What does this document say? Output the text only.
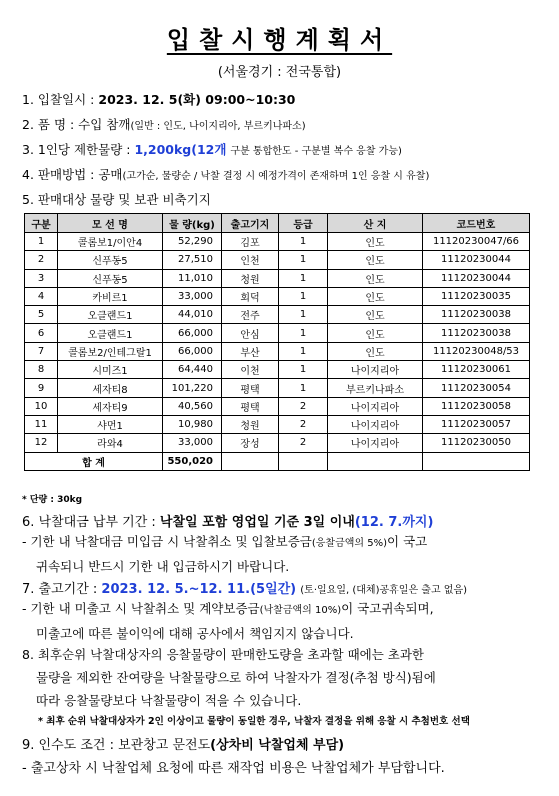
입찰시행계획서
(서울경기 : 전국통합)
1. 입찰일시 : 2023. 12. 5(화) 09:00~10:30
2. 품 명 : 수입 참깨(일반 : 인도, 나이지리아, 부르키나파소)
3. 1인당 제한물량 : 1,200kg(12개 구분 통합한도 - 구분별 복수 응찰 가능)
4. 판매방법 : 공매(고가순, 물량순 / 낙찰 결정 시 예정가격이 존재하며 1인 응찰 시 유찰)
5. 판매대상 물량 및 보관 비축기지
구분	모 선 명	물 량(kg)	출고기지	등급	산 지	코드번호
1	콜롬보1/이안4	52,290	김포	1	인도	11120230047/66
2	신푸동5	27,510	인천	1	인도	11120230044
3	신푸동5	11,010	청원	1	인도	11120230044
4	카비르1	33,000	회덕	1	인도	11120230035
5	오클랜드1	44,010	전주	1	인도	11120230038
6	오클랜드1	66,000	안심	1	인도	11120230038
7	콜롬보2/인테그랄1	66,000	부산	1	인도	11120230048/53
8	시미즈1	64,440	이천	1	나이지리아	11120230061
9	세자티8	101,220	평택	1	부르키나파소	11120230054
10	세자티9	40,560	평택	2	나이지리아	11120230058
11	샤먼1	10,980	청원	2	나이지리아	11120230057
12	라와4	33,000	장성	2	나이지리아	11120230050
합 계		550,020				
* 단량 : 30kg
6. 낙찰대금 납부 기간 : 낙찰일 포함 영업일 기준 3일 이내(12. 7.까지)
- 기한 내 낙찰대금 미입금 시 낙찰취소 및 입찰보증금(응찰금액의 5%)이 국고
귀속되니 반드시 기한 내 입금하시기 바랍니다.
7. 출고기간 : 2023. 12. 5.~12. 11.(5일간) (토·일요일, (대체)공휴일은 출고 없음)
- 기한 내 미출고 시 낙찰취소 및 계약보증금(낙찰금액의 10%)이 국고귀속되며,
미출고에 따른 불이익에 대해 공사에서 책임지지 않습니다.
8. 최후순위 낙찰대상자의 응찰물량이 판매한도량을 초과할 때에는 초과한
물량을 제외한 잔여량을 낙찰물량으로 하여 낙찰자가 결정(추첨 방식)됨에
따라 응찰물량보다 낙찰물량이 적을 수 있습니다.
* 최후 순위 낙찰대상자가 2인 이상이고 물량이 동일한 경우, 낙찰자 결정을 위해 응찰 시 추첨번호 선택
9. 인수도 조건 : 보관창고 문전도(상차비 낙찰업체 부담)
- 출고상차 시 낙찰업체 요청에 따른 재작업 비용은 낙찰업체가 부담합니다.
